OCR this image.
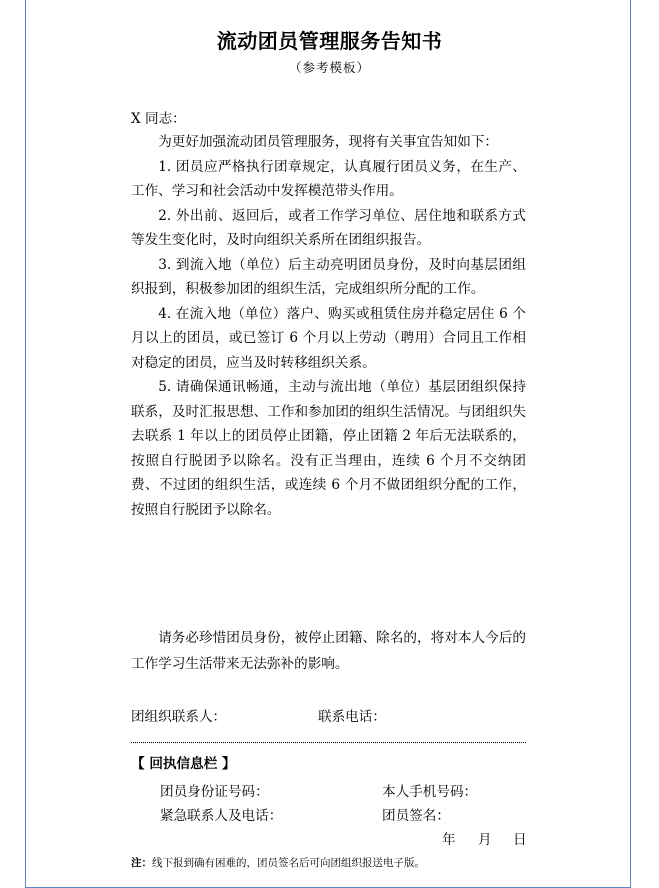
流动团员管理服务告知书
（参考模板）
X 同志：

为更好加强流动团员管理服务，现将有关事宜告知如下：

1. 团员应严格执行团章规定，认真履行团员义务，在生产、工作、学习和社会活动中发挥模范带头作用。

2. 外出前、返回后，或者工作学习单位、居住地和联系方式等发生变化时，及时向组织关系所在团组织报告。

3. 到流入地（单位）后主动亮明团员身份，及时向基层团组织报到，积极参加团的组织生活，完成组织所分配的工作。

4. 在流入地（单位）落户、购买或租赁住房并稳定居住 6 个月以上的团员，或已签订 6 个月以上劳动（聘用）合同且工作相对稳定的团员，应当及时转移组织关系。

5. 请确保通讯畅通，主动与流出地（单位）基层团组织保持联系，及时汇报思想、工作和参加团的组织生活情况。与团组织失去联系 1 年以上的团员停止团籍，停止团籍 2 年后无法联系的，按照自行脱团予以除名。没有正当理由，连续 6 个月不交纳团费、不过团的组织生活，或连续 6 个月不做团组织分配的工作，按照自行脱团予以除名。

请务必珍惜团员身份，被停止团籍、除名的，将对本人今后的工作学习生活带来无法弥补的影响。

团组织联系人：	联系电话：
【 回执信息栏 】
团员身份证号码：	本人手机号码：
紧急联系人及电话：	团员签名：
年 月 日
注：线下报到确有困难的，团员签名后可向团组织报送电子版。
